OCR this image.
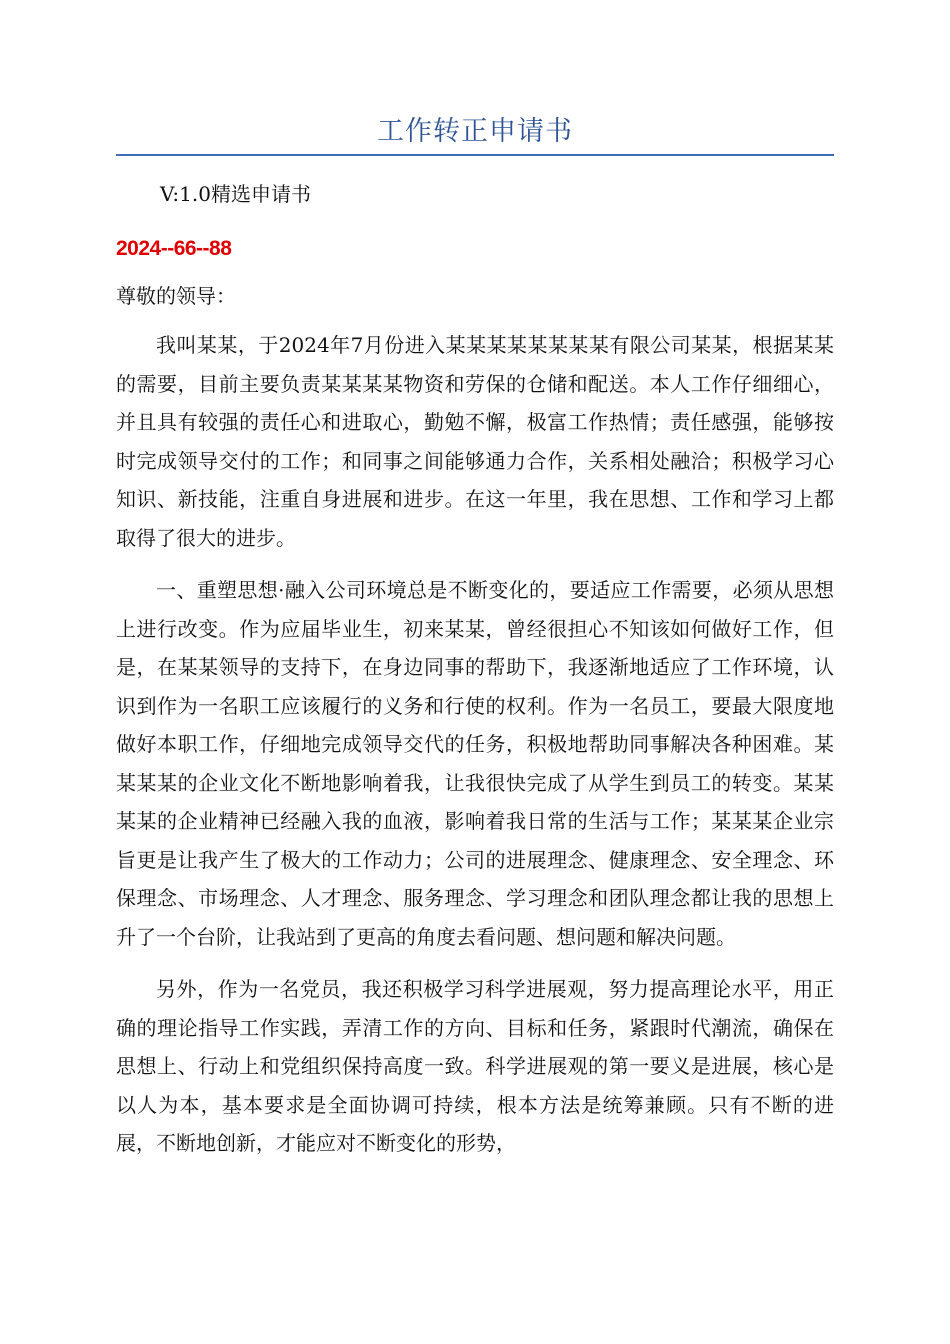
工作转正申请书

V:1.0精选申请书

2024--66--88

尊敬的领导：

我叫某某，于2024年7月份进入某某某某某某某某有限公司某某，根据某某的需要，目前主要负责某某某某物资和劳保的仓储和配送。本人工作仔细细心，并且具有较强的责任心和进取心，勤勉不懈，极富工作热情；责任感强，能够按时完成领导交付的工作；和同事之间能够通力合作，关系相处融洽；积极学习心知识、新技能，注重自身进展和进步。在这一年里，我在思想、工作和学习上都取得了很大的进步。

一、重塑思想·融入公司环境总是不断变化的，要适应工作需要，必须从思想上进行改变。作为应届毕业生，初来某某，曾经很担心不知该如何做好工作，但是，在某某领导的支持下，在身边同事的帮助下，我逐渐地适应了工作环境，认识到作为一名职工应该履行的义务和行使的权利。作为一名员工，要最大限度地做好本职工作，仔细地完成领导交代的任务，积极地帮助同事解决各种困难。某某某某的企业文化不断地影响着我，让我很快完成了从学生到员工的转变。某某某某的企业精神已经融入我的血液，影响着我日常的生活与工作；某某某企业宗旨更是让我产生了极大的工作动力；公司的进展理念、健康理念、安全理念、环保理念、市场理念、人才理念、服务理念、学习理念和团队理念都让我的思想上升了一个台阶，让我站到了更高的角度去看问题、想问题和解决问题。

另外，作为一名党员，我还积极学习科学进展观，努力提高理论水平，用正确的理论指导工作实践，弄清工作的方向、目标和任务，紧跟时代潮流，确保在思想上、行动上和党组织保持高度一致。科学进展观的第一要义是进展，核心是以人为本，基本要求是全面协调可持续，根本方法是统筹兼顾。只有不断的进展，不断地创新，才能应对不断变化的形势，
